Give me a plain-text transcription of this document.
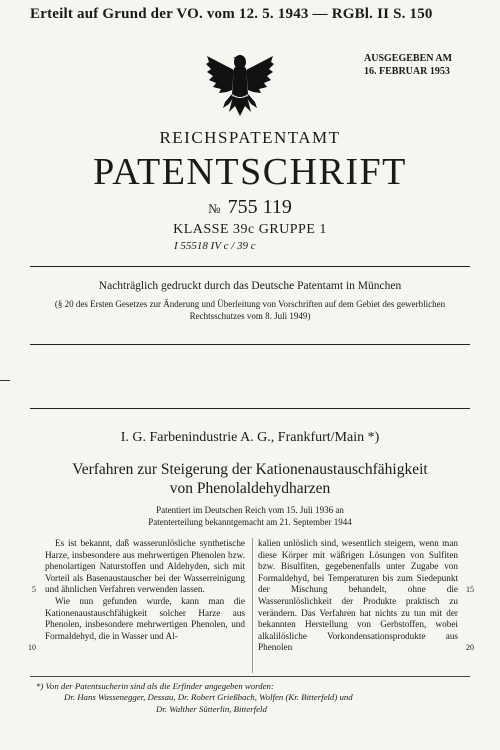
Erteilt auf Grund der VO. vom 12. 5. 1943 — RGBl. II S. 150
AUSGEGEBEN AM
16. FEBRUAR 1953
REICHSPATENTAMT
PATENTSCHRIFT
№ 755 119
KLASSE 39c GRUPPE 1
I 55518 IV c / 39 c
Nachträglich gedruckt durch das Deutsche Patentamt in München
(§ 20 des Ersten Gesetzes zur Änderung und Überleitung von Vorschriften auf dem Gebiet des gewerblichen Rechtsschutzes vom 8. Juli 1949)
I. G. Farbenindustrie A. G., Frankfurt/Main *)
Verfahren zur Steigerung der Kationenaustauschfähigkeit
von Phenolaldehydharzen
Patentiert im Deutschen Reich vom 15. Juli 1936 an
Patenterteilung bekanntgemacht am 21. September 1944

Es ist bekannt, daß wasserunlösliche synthetische Harze, insbesondere aus mehrwertigen Phenolen bzw. phenolartigen Naturstoffen und Aldehyden, sich mit Vorteil als Basenaustauscher bei der Wasserreinigung und ähnlichen Verfahren verwenden lassen.

Wie nun gefunden wurde, kann man die Kationenaustauschfähigkeit solcher Harze aus Phenolen, insbesondere mehrwertigen Phenolen, und Formaldehyd, die in Wasser und Al-

kalien unlöslich sind, wesentlich steigern, wenn man diese Körper mit wäßrigen Lösungen von Sulfiten bzw. Bisulfiten, gegebenenfalls unter Zugabe von Formaldehyd, bei Temperaturen bis zum Siedepunkt der Mischung behandelt, ohne die Wasserunlöslichkeit der Produkte praktisch zu verändern. Das Verfahren hat nichts zu tun mit der bekannten Herstellung von Gerbstoffen, wobei alkalilösliche Vorkondensationsprodukte aus Phenolen

5
10
15
20
*) Von der Patentsucherin sind als die Erfinder angegeben worden:
Dr. Hans Wassenegger, Dessau, Dr. Robert Grießbach, Wolfen (Kr. Bitterfeld) und
Dr. Walther Sütterlin, Bitterfeld
